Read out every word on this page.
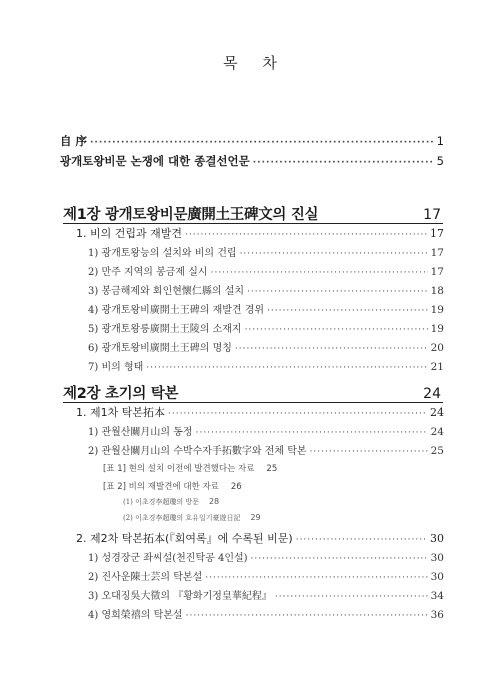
목 차
自 序 ·····	1
광개토왕비문 논쟁에 대한 종결선언문 ·····	5
제1장 광개토왕비문廣開土王碑文의 진실	17
1. 비의 건립과 재발견 ·····	17
1) 광개토왕능의 설치와 비의 건립 ·····	17
2) 만주 지역의 봉금제 실시 ·····	17
3) 봉금해제와 회인현懷仁縣의 설치 ·····	18
4) 광개토왕비廣開土王碑의 재발견 경위 ·····	19
5) 광개토왕릉廣開土王陵의 소재지 ·····	19
6) 광개토왕비廣開土王碑의 명칭 ·····	20
7) 비의 형태 ·····	21
제2장 초기의 탁본	24
1. 제1차 탁본拓本 ·····	24
1) 관월산關月山의 동정 ·····	24
2) 관월산關月山의 수박수자手拓數字와 전체 탁본 ·····	25
[표 1] 현의 설치 이전에 발견했다는 자료 25
[표 2] 비의 재발견에 대한 자료 26
(1) 이초경李超瓊의 방문 28
(2) 이초경李超瓊의 호유일기豪遊日記 29
2. 제2차 탁본拓本(『회여록』에 수록된 비문) ·····	30
1) 성경장군 좌씨설(천진탁공 4인설) ·····	30
2) 진사운陳士芸의 탁본설 ·····	30
3) 오대징吳大徵의 『황화기정皇華紀程』 ·····	34
4) 영희榮禧의 탁본설 ·····	36
